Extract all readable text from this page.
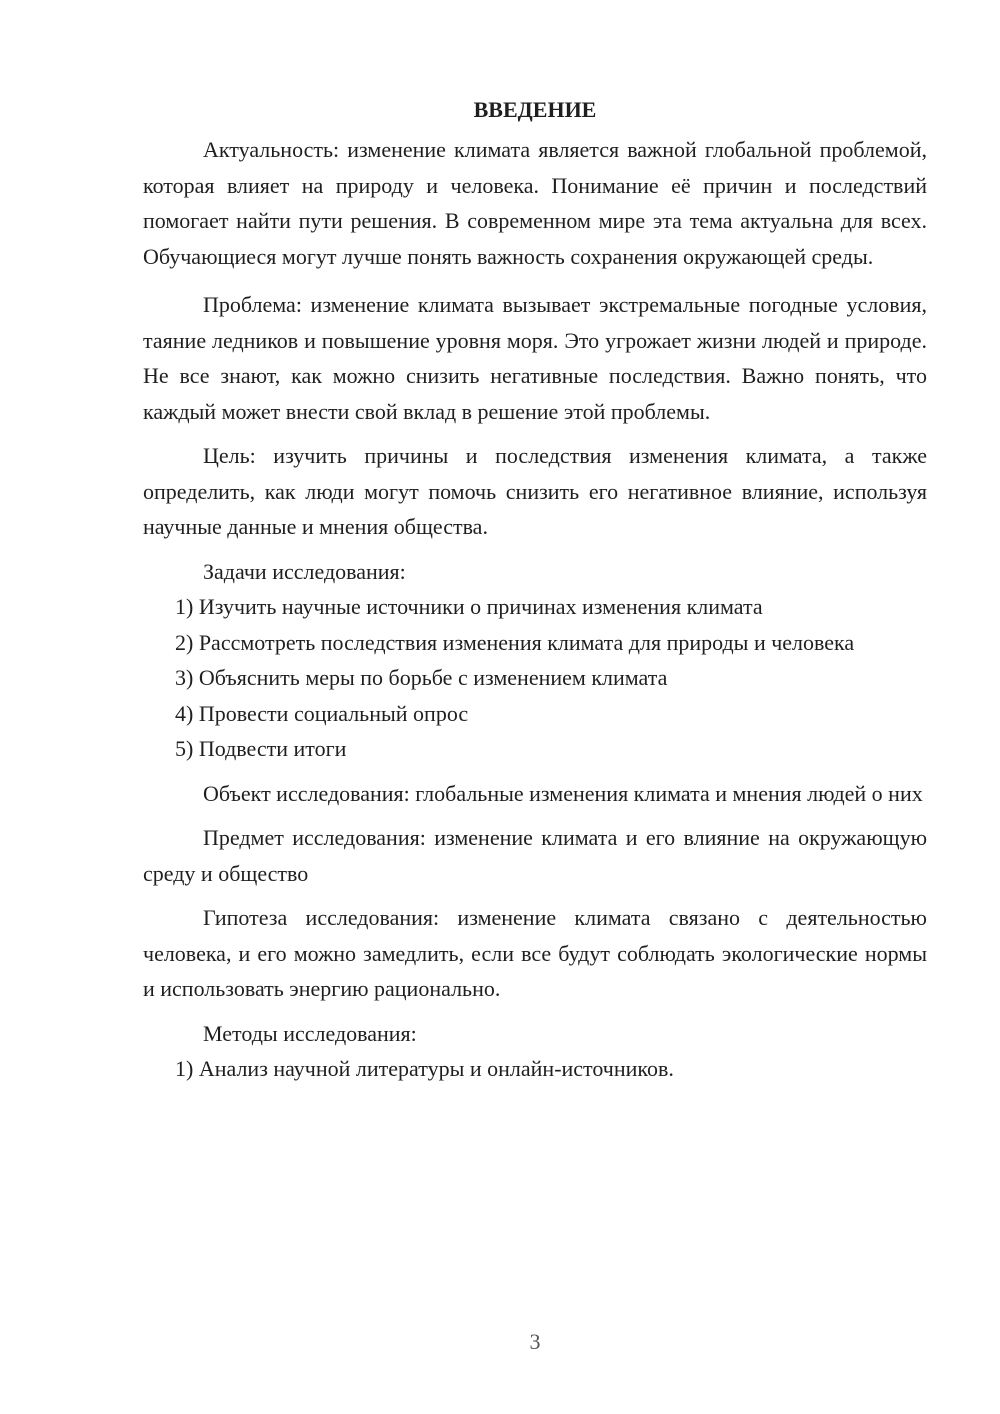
ВВЕДЕНИЕ

Актуальность: изменение климата является важной глобальной проблемой, которая влияет на природу и человека. Понимание её причин и последствий помогает найти пути решения. В современном мире эта тема актуальна для всех. Обучающиеся могут лучше понять важность сохранения окружающей среды.

Проблема: изменение климата вызывает экстремальные погодные условия, таяние ледников и повышение уровня моря. Это угрожает жизни людей и природе. Не все знают, как можно снизить негативные последствия. Важно понять, что каждый может внести свой вклад в решение этой проблемы.

Цель: изучить причины и последствия изменения климата, а также определить, как люди могут помочь снизить его негативное влияние, используя научные данные и мнения общества.

Задачи исследования:

1) Изучить научные источники о причинах изменения климата

2) Рассмотреть последствия изменения климата для природы и человека

3) Объяснить меры по борьбе с изменением климата

4) Провести социальный опрос

5) Подвести итоги

Объект исследования: глобальные изменения климата и мнения людей о них

Предмет исследования: изменение климата и его влияние на окружающую среду и общество

Гипотеза исследования: изменение климата связано с деятельностью человека, и его можно замедлить, если все будут соблюдать экологические нормы и использовать энергию рационально.

Методы исследования:

1) Анализ научной литературы и онлайн-источников.

3
